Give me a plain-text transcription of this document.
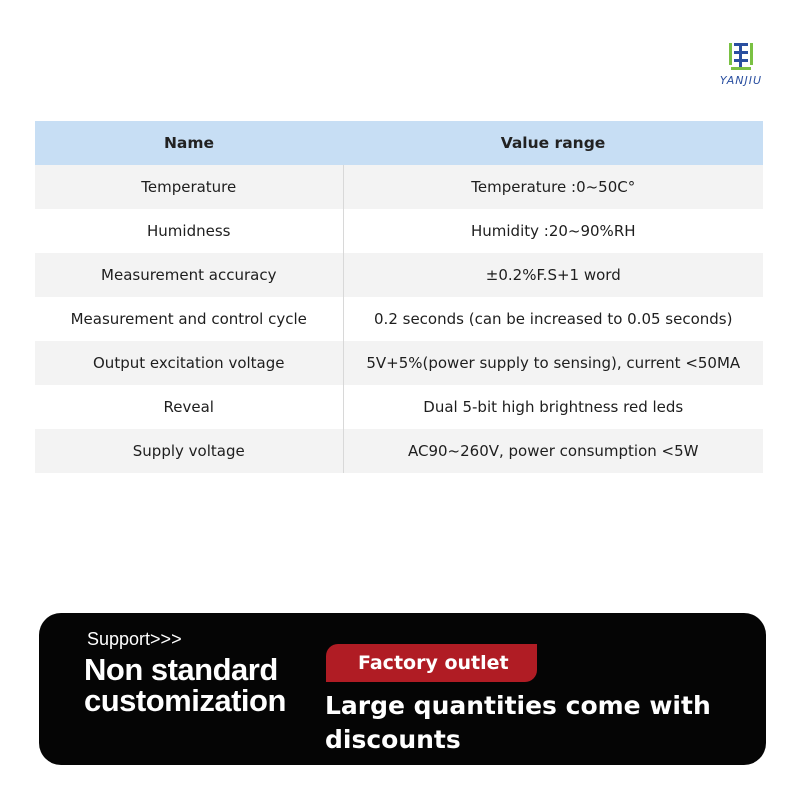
YANJIU
Name	Value range
Temperature	Temperature :0~50C°
Humidness	Humidity :20~90%RH
Measurement accuracy	±0.2%F.S+1 word
Measurement and control cycle	0.2 seconds (can be increased to 0.05 seconds)
Output excitation voltage	5V+5%(power supply to sensing), current <50MA
Reveal	Dual 5-bit high brightness red leds
Supply voltage	AC90~260V, power consumption <5W
Support>>>
Non standard customization
Factory outlet
Large quantities come with discounts
